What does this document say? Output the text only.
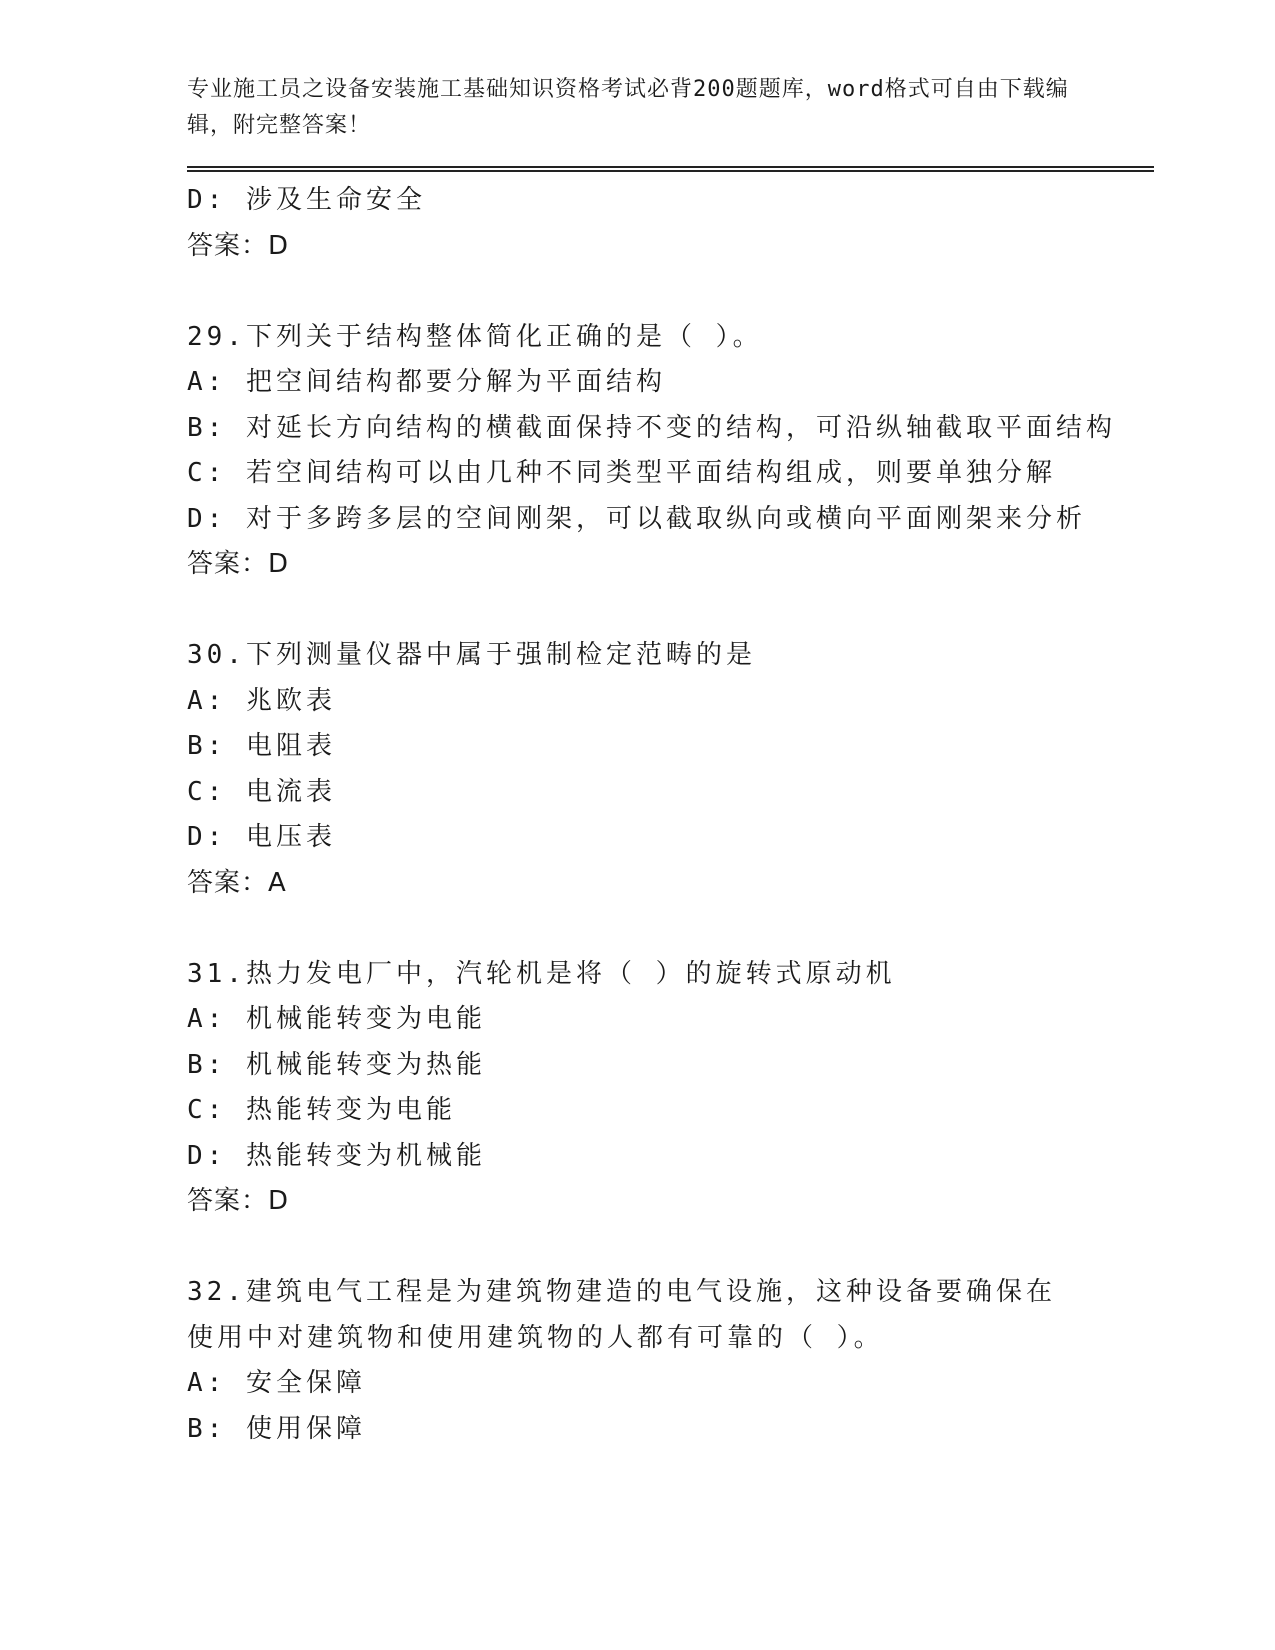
专业施工员之设备安装施工基础知识资格考试必背200题题库，word格式可自由下载编辑，附完整答案！
D: 涉及生命安全
答案：D
29.下列关于结构整体简化正确的是（ ）。
A: 把空间结构都要分解为平面结构
B: 对延长方向结构的横截面保持不变的结构，可沿纵轴截取平面结构
C: 若空间结构可以由几种不同类型平面结构组成，则要单独分解
D: 对于多跨多层的空间刚架，可以截取纵向或横向平面刚架来分析
答案：D
30.下列测量仪器中属于强制检定范畴的是
A: 兆欧表
B: 电阻表
C: 电流表
D: 电压表
答案：A
31.热力发电厂中，汽轮机是将（ ）的旋转式原动机
A: 机械能转变为电能
B: 机械能转变为热能
C: 热能转变为电能
D: 热能转变为机械能
答案：D
32.建筑电气工程是为建筑物建造的电气设施，这种设备要确保在使用中对建筑物和使用建筑物的人都有可靠的（ ）。
A: 安全保障
B: 使用保障
